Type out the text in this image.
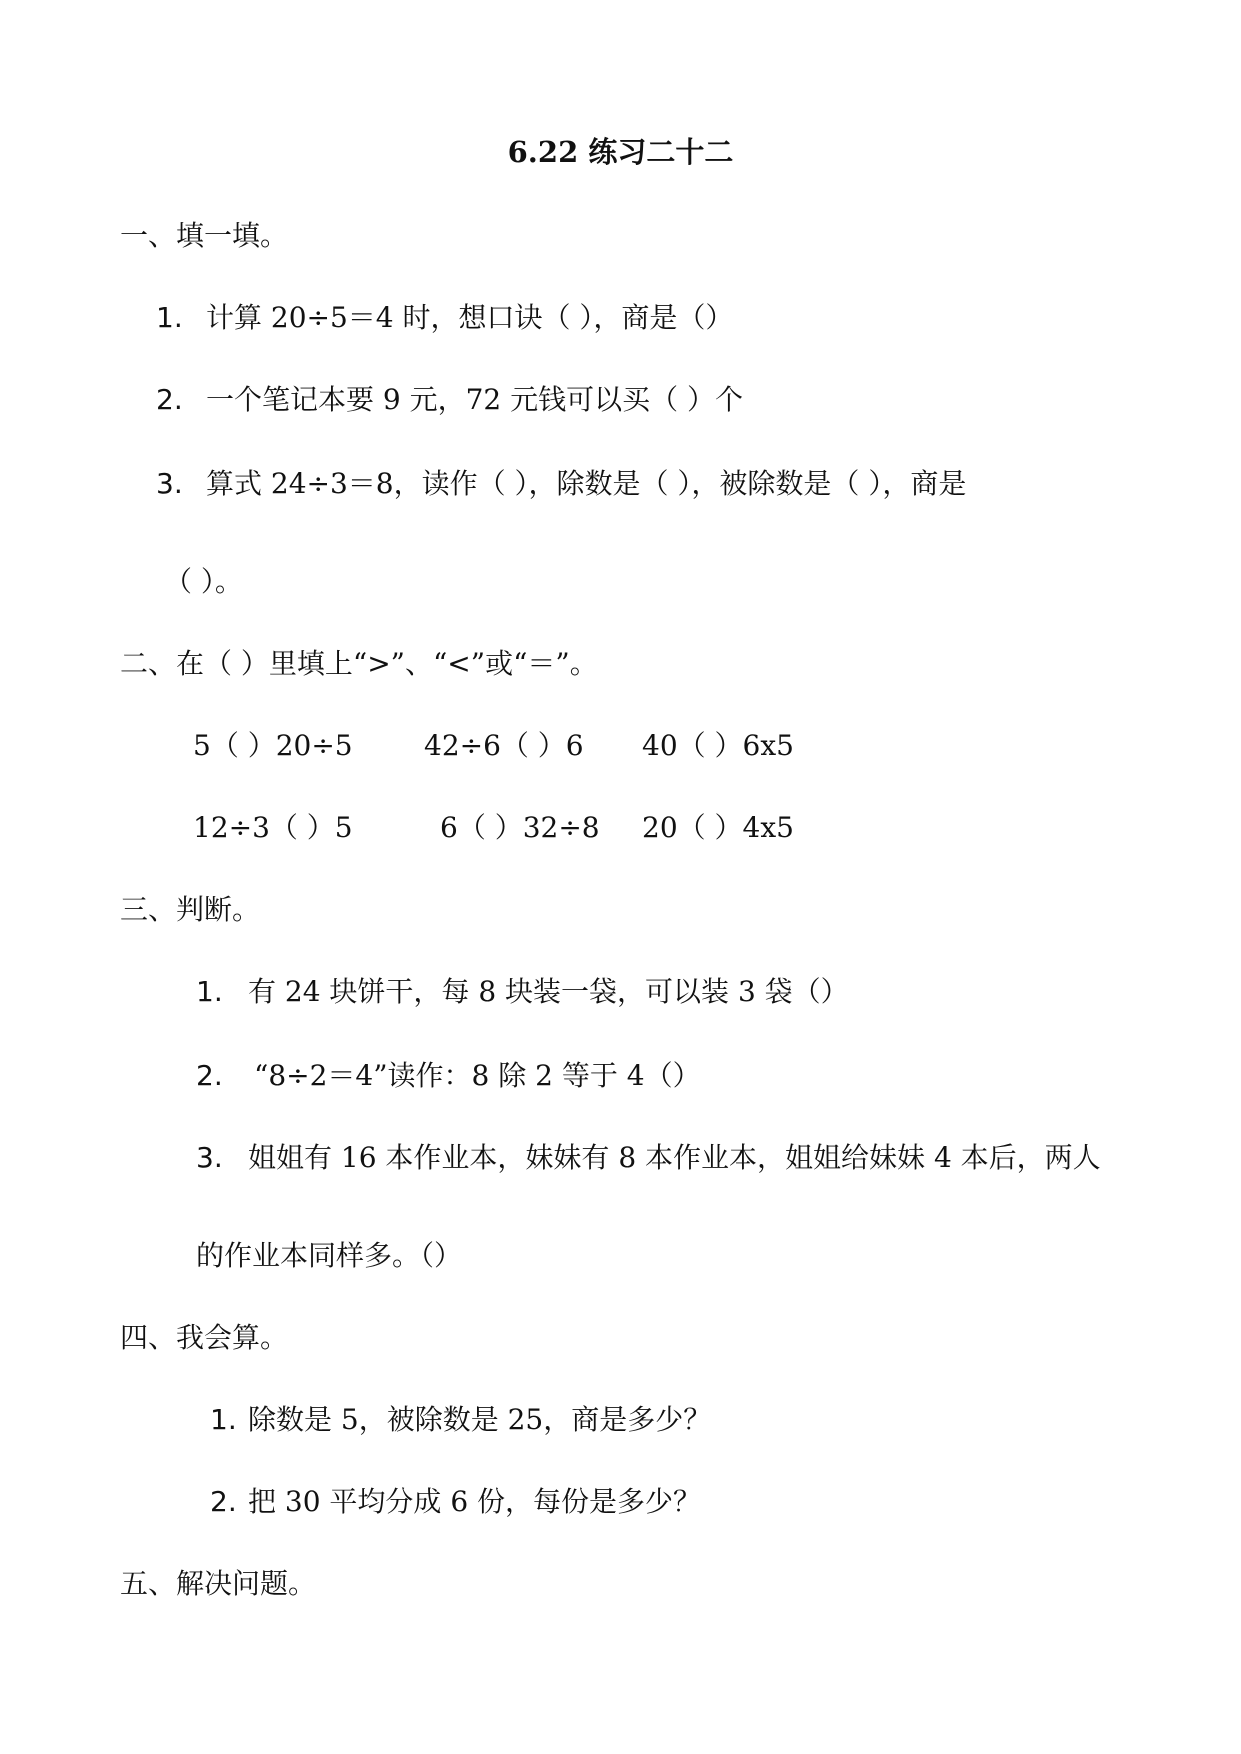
6.22 练习二十二
一、填一填。
1. 计算 20÷5＝4 时，想口诀（ ），商是（）
2. 一个笔记本要 9 元，72 元钱可以买（ ）个
3. 算式 24÷3＝8，读作（ ），除数是（ ），被除数是（ ），商是
（ ）。
二、在（ ）里填上“>”、“<”或“＝”。
5（ ）20÷5	42÷6（ ）6 40（ ）6x5
12÷3（ ）5	6（ ）32÷8 20（ ）4x5
三、判断。
1. 有 24 块饼干，每 8 块装一袋，可以装 3 袋（）
2. “8÷2＝4”读作：8 除 2 等于 4（）
3. 姐姐有 16 本作业本，妹妹有 8 本作业本，姐姐给妹妹 4 本后，两人
的作业本同样多。（）
四、我会算。
1. 除数是 5，被除数是 25，商是多少？
2. 把 30 平均分成 6 份，每份是多少？
五、解决问题。
